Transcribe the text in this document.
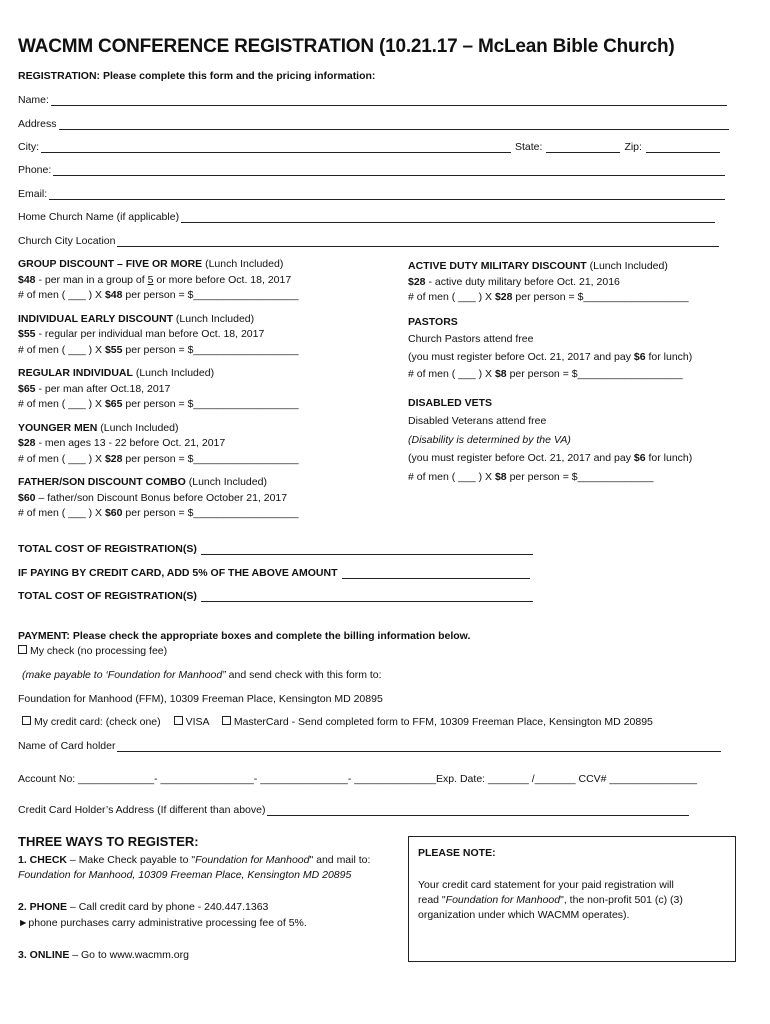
WACMM CONFERENCE REGISTRATION (10.21.17 – McLean Bible Church)
REGISTRATION: Please complete this form and the pricing information:
Name:
Address
City:	State:	Zip:
Phone:
Email:
Home Church Name (if applicable)
Church City Location
GROUP DISCOUNT – FIVE OR MORE (Lunch Included)
$48 - per man in a group of 5 or more before Oct. 18, 2017
# of men ( ___ ) X $48 per person = $__________________
INDIVIDUAL EARLY DISCOUNT (Lunch Included)
$55 - regular per individual man before Oct. 18, 2017
# of men ( ___ ) X $55 per person = $__________________
REGULAR INDIVIDUAL (Lunch Included)
$65 - per man after Oct.18, 2017
# of men ( ___ ) X $65 per person = $__________________
YOUNGER MEN (Lunch Included)
$28 - men ages 13 - 22 before Oct. 21, 2017
# of men ( ___ ) X $28 per person = $__________________
FATHER/SON DISCOUNT COMBO (Lunch Included)
$60 – father/son Discount Bonus before October 21, 2017
# of men ( ___ ) X $60 per person = $__________________
ACTIVE DUTY MILITARY DISCOUNT (Lunch Included)
$28 - active duty military before Oct. 21, 2016
# of men ( ___ ) X $28 per person = $__________________
PASTORS
Church Pastors attend free
(you must register before Oct. 21, 2017 and pay $6 for lunch)
# of men ( ___ ) X $8 per person = $__________________
DISABLED VETS
Disabled Veterans attend free
(Disability is determined by the VA)
(you must register before Oct. 21, 2017 and pay $6 for lunch)
# of men ( ___ ) X $8 per person = $_____________
TOTAL COST OF REGISTRATION(S)
IF PAYING BY CREDIT CARD, ADD 5% OF THE ABOVE AMOUNT
TOTAL COST OF REGISTRATION(S)
PAYMENT: Please check the appropriate boxes and complete the billing information below.
My check (no processing fee)
(make payable to ‘Foundation for Manhood” and send check with this form to:
Foundation for Manhood (FFM), 10309 Freeman Place, Kensington MD 20895
My credit card: (check one) VISA MasterCard - Send completed form to FFM, 10309 Freeman Place, Kensington MD 20895
Name of Card holder
Account No: _____________- ________________- _______________- ______________Exp. Date: _______ /_______ CCV# _______________
Credit Card Holder’s Address (If different than above)
THREE WAYS TO REGISTER:
1. CHECK – Make Check payable to "Foundation for Manhood" and mail to:
Foundation for Manhood, 10309 Freeman Place, Kensington MD 20895
2. PHONE – Call credit card by phone - 240.447.1363
►phone purchases carry administrative processing fee of 5%.
3. ONLINE – Go to www.wacmm.org
PLEASE NOTE:
Your credit card statement for your paid registration will
read "Foundation for Manhood", the non-profit 501 (c) (3)
organization under which WACMM operates).
